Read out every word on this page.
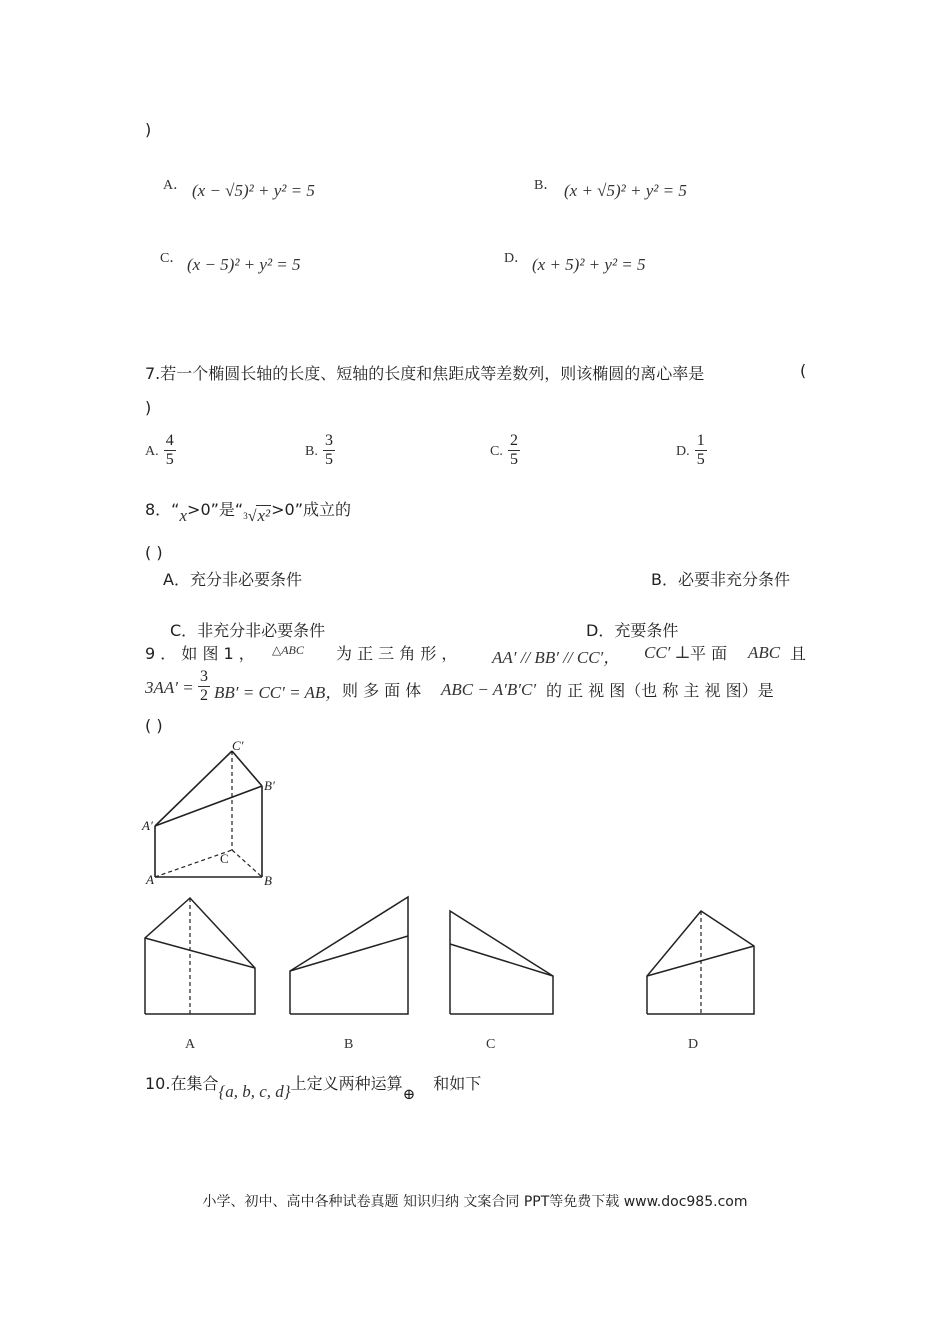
)
A． (x − √5)² + y² = 5	B． (x + √5)² + y² = 5
C． (x − 5)² + y² = 5	D． (x + 5)² + y² = 5
7.若一个椭圆长轴的长度、短轴的长度和焦距成等差数列，则该椭圆的离心率是	(
)
A. $\frac{4}{5}$	B. $\frac{3}{5}$	C. $\frac{2}{5}$	D. $\frac{1}{5}$
8．“x>0”是“$_3√x^2>0$”成立的
( )
A．充分非必要条件	B．必要非充分条件
C．非充分非必要条件	D．充要条件
9 ． 如 图 1 ， △ABC 为 正 三 角 形 ， AA′ // BB′ // CC′， CC′ ⊥ 平 面 ABC 且
$3AA' = \frac{3}{2} BB' = CC'$ = AB， 则 多 面 体 ABC − A′B′C′ 的 正 视 图（也 称 主 视 图）是
( )
A	B
C
A′
B′
C′
A	B	C	D
10.在集合{a, b, c, d}上定义两种运算⊕和如下
小学、初中、高中各种试卷真题 知识归纳 文案合同 PPT等免费下载 www.doc985.com
